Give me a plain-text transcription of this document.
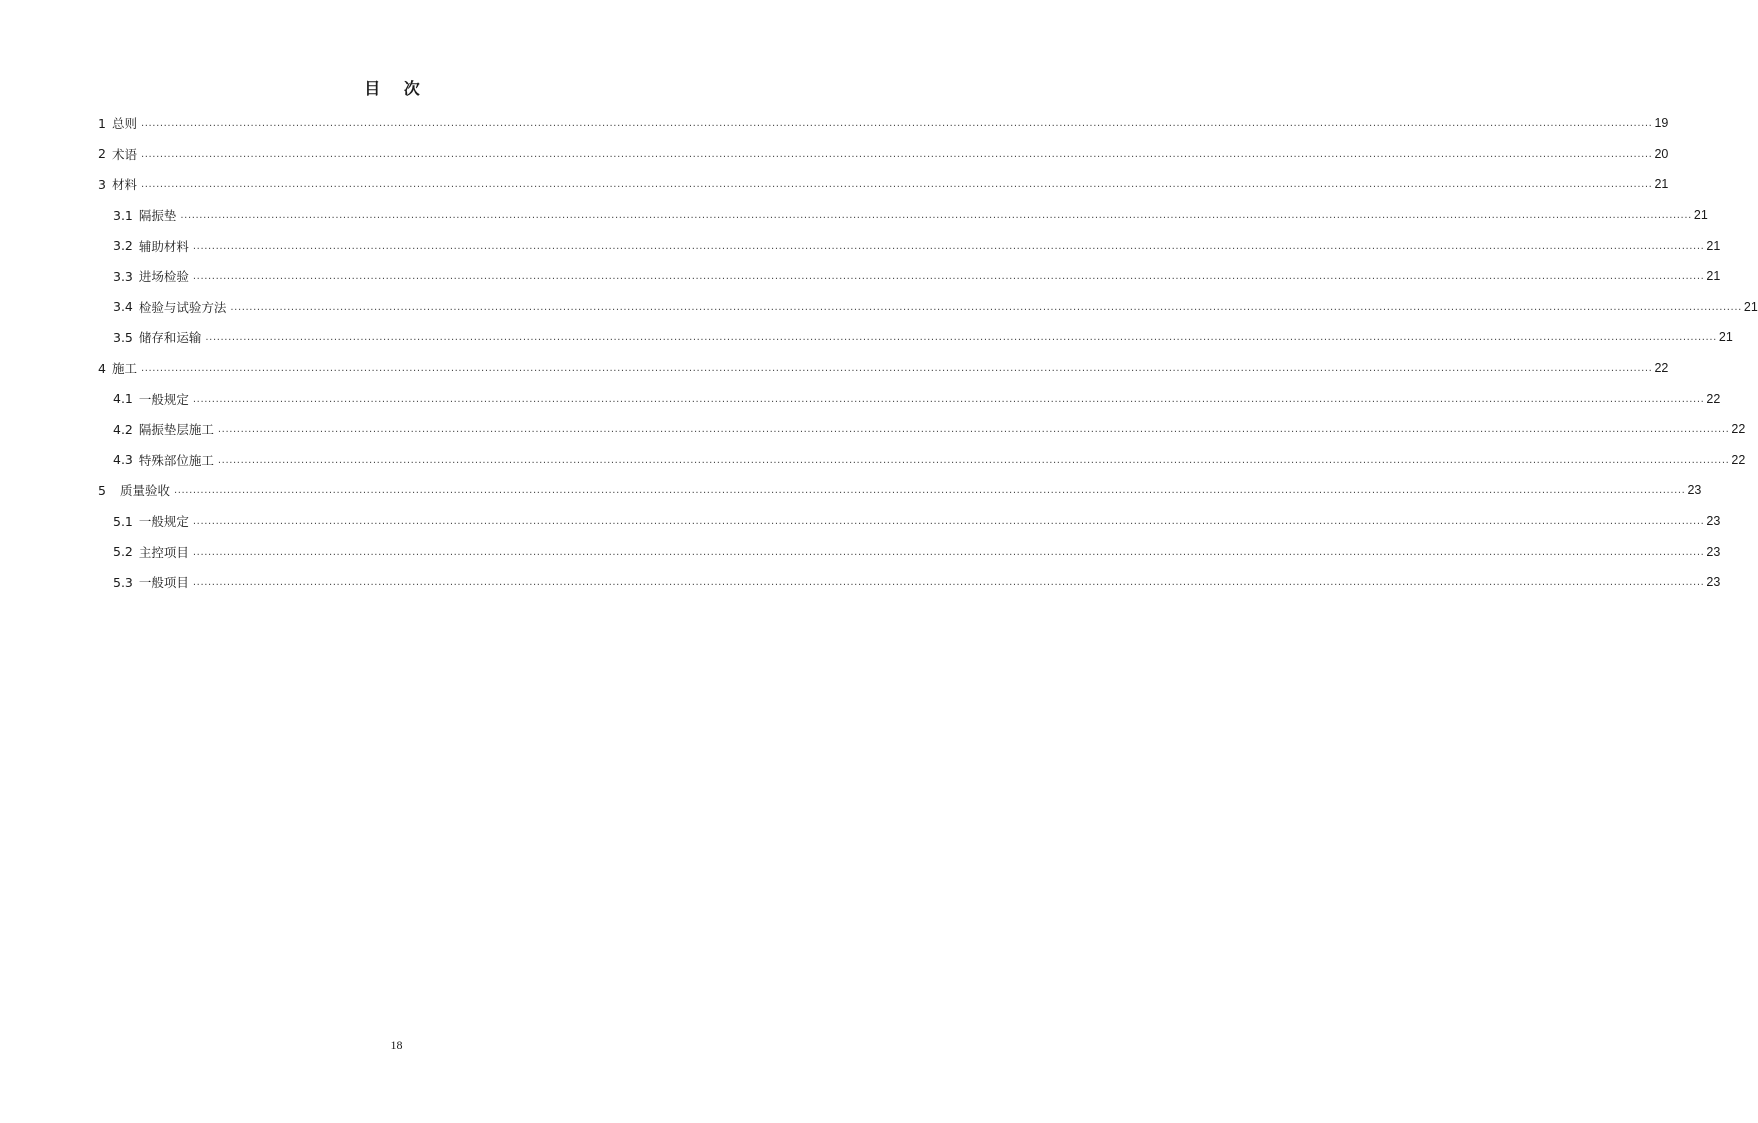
目 次
1 总则 ................................................................................................................................................................................................................................................................................................................................................................................................................ 19
2 术语 ................................................................................................................................................................................................................................................................................................................................................................................................................ 20
3 材料 ................................................................................................................................................................................................................................................................................................................................................................................................................ 21
3.1 隔振垫 ................................................................................................................................................................................................................................................................................................................................................................................................................ 21
3.2 辅助材料 ................................................................................................................................................................................................................................................................................................................................................................................................................ 21
3.3 进场检验 ................................................................................................................................................................................................................................................................................................................................................................................................................ 21
3.4 检验与试验方法 ................................................................................................................................................................................................................................................................................................................................................................................................................ 21
3.5 储存和运输 ................................................................................................................................................................................................................................................................................................................................................................................................................ 21
4 施工 ................................................................................................................................................................................................................................................................................................................................................................................................................ 22
4.1 一般规定 ................................................................................................................................................................................................................................................................................................................................................................................................................ 22
4.2 隔振垫层施工 ................................................................................................................................................................................................................................................................................................................................................................................................................ 22
4.3 特殊部位施工 ................................................................................................................................................................................................................................................................................................................................................................................................................ 22
5 质量验收 ................................................................................................................................................................................................................................................................................................................................................................................................................ 23
5.1 一般规定 ................................................................................................................................................................................................................................................................................................................................................................................................................ 23
5.2 主控项目 ................................................................................................................................................................................................................................................................................................................................................................................................................ 23
5.3 一般项目 ................................................................................................................................................................................................................................................................................................................................................................................................................ 23
18
